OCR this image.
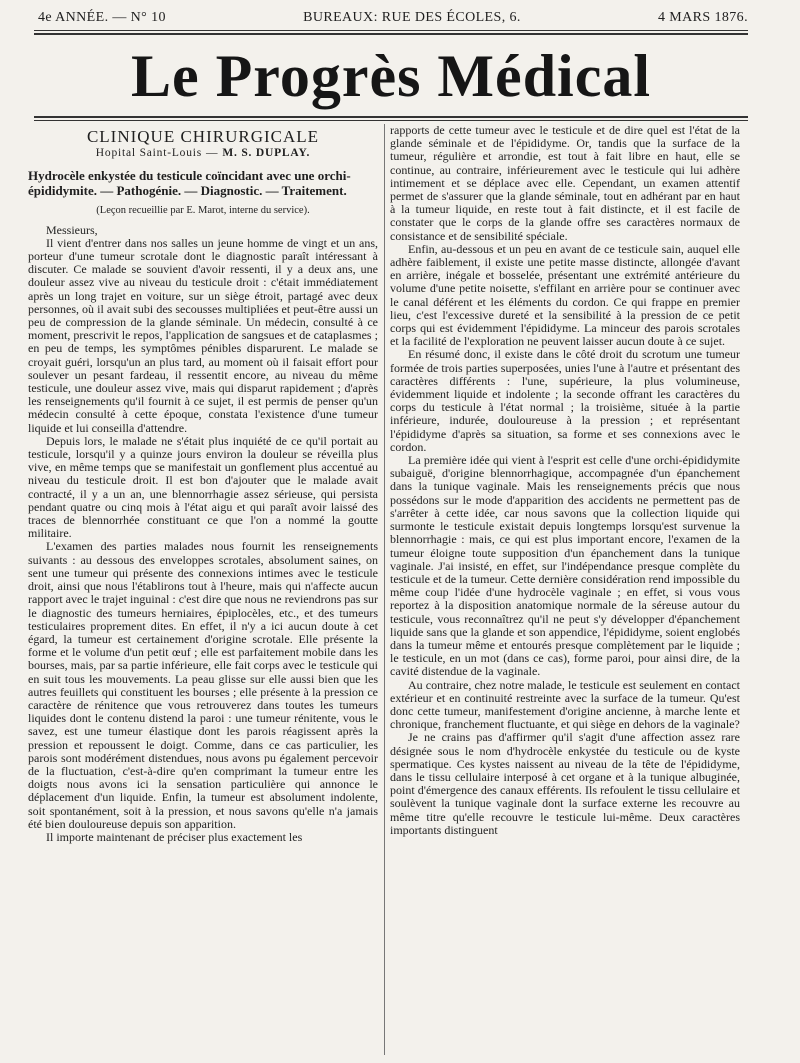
4e ANNÉE. — N° 10	BUREAUX: RUE DES ÉCOLES, 6.	4 MARS 1876.
Le Progrès Médical
CLINIQUE CHIRURGICALE
Hopital Saint-Louis — M. S. DUPLAY.
Hydrocèle enkystée du testicule coïncidant avec une orchi-épididymite. — Pathogénie. — Diagnostic. — Traitement.
(Leçon recueillie par E. Marot, interne du service).

Messieurs,

Il vient d'entrer dans nos salles un jeune homme de vingt et un ans, porteur d'une tumeur scrotale dont le diagnostic paraît intéressant à discuter. Ce malade se souvient d'avoir ressenti, il y a deux ans, une douleur assez vive au niveau du testicule droit : c'était immédiatement après un long trajet en voiture, sur un siège étroit, partagé avec deux personnes, où il avait subi des secousses multipliées et peut-être aussi un peu de compression de la glande séminale. Un médecin, consulté à ce moment, prescrivit le repos, l'application de sangsues et de cataplasmes ; en peu de temps, les symptômes pénibles disparurent. Le malade se croyait guéri, lorsqu'un an plus tard, au moment où il faisait effort pour soulever un pesant fardeau, il ressentit encore, au niveau du même testicule, une douleur assez vive, mais qui disparut rapidement ; d'après les renseignements qu'il fournit à ce sujet, il est permis de penser qu'un médecin consulté à cette époque, constata l'existence d'une tumeur liquide et lui conseilla d'attendre.

Depuis lors, le malade ne s'était plus inquiété de ce qu'il portait au testicule, lorsqu'il y a quinze jours environ la douleur se réveilla plus vive, en même temps que se manifestait un gonflement plus accentué au niveau du testicule droit. Il est bon d'ajouter que le malade avait contracté, il y a un an, une blennorrhagie assez sérieuse, qui persista pendant quatre ou cinq mois à l'état aigu et qui paraît avoir laissé des traces de blennorrhée constituant ce que l'on a nommé la goutte militaire.

L'examen des parties malades nous fournit les renseignements suivants : au dessous des enveloppes scrotales, absolument saines, on sent une tumeur qui présente des connexions intimes avec le testicule droit, ainsi que nous l'établirons tout à l'heure, mais qui n'affecte aucun rapport avec le trajet inguinal : c'est dire que nous ne reviendrons pas sur le diagnostic des tumeurs herniaires, épiplocèles, etc., et des tumeurs testiculaires proprement dites. En effet, il n'y a ici aucun doute à cet égard, la tumeur est certainement d'origine scrotale. Elle présente la forme et le volume d'un petit œuf ; elle est parfaitement mobile dans les bourses, mais, par sa partie inférieure, elle fait corps avec le testicule qui en suit tous les mouvements. La peau glisse sur elle aussi bien que les autres feuillets qui constituent les bourses ; elle présente à la pression ce caractère de rénitence que vous retrouverez dans toutes les tumeurs liquides dont le contenu distend la paroi : une tumeur rénitente, vous le savez, est une tumeur élastique dont les parois réagissent après la pression et repoussent le doigt. Comme, dans ce cas particulier, les parois sont modérément distendues, nous avons pu également percevoir de la fluctuation, c'est-à-dire qu'en comprimant la tumeur entre les doigts nous avons ici la sensation particulière qui annonce le déplacement d'un liquide. Enfin, la tumeur est absolument indolente, soit spontanément, soit à la pression, et nous savons qu'elle n'a jamais été bien douloureuse depuis son apparition.

Il importe maintenant de préciser plus exactement les

rapports de cette tumeur avec le testicule et de dire quel est l'état de la glande séminale et de l'épididyme. Or, tandis que la surface de la tumeur, régulière et arrondie, est tout à fait libre en haut, elle se continue, au contraire, inférieurement avec le testicule qui lui adhère intimement et se déplace avec elle. Cependant, un examen attentif permet de s'assurer que la glande séminale, tout en adhérant par en haut à la tumeur liquide, en reste tout à fait distincte, et il est facile de constater que le corps de la glande offre ses caractères normaux de consistance et de sensibilité spéciale.

Enfin, au-dessous et un peu en avant de ce testicule sain, auquel elle adhère faiblement, il existe une petite masse distincte, allongée d'avant en arrière, inégale et bosselée, présentant une extrémité antérieure du volume d'une petite noisette, s'effilant en arrière pour se continuer avec le canal déférent et les éléments du cordon. Ce qui frappe en premier lieu, c'est l'excessive dureté et la sensibilité à la pression de ce petit corps qui est évidemment l'épididyme. La minceur des parois scrotales et la facilité de l'exploration ne peuvent laisser aucun doute à ce sujet.

En résumé donc, il existe dans le côté droit du scrotum une tumeur formée de trois parties superposées, unies l'une à l'autre et présentant des caractères différents : l'une, supérieure, la plus volumineuse, évidemment liquide et indolente ; la seconde offrant les caractères du corps du testicule à l'état normal ; la troisième, située à la partie inférieure, indurée, douloureuse à la pression ; et représentant l'épididyme d'après sa situation, sa forme et ses connexions avec le cordon.

La première idée qui vient à l'esprit est celle d'une orchi-épididymite subaiguë, d'origine blennorrhagique, accompagnée d'un épanchement dans la tunique vaginale. Mais les renseignements précis que nous possédons sur le mode d'apparition des accidents ne permettent pas de s'arrêter à cette idée, car nous savons que la collection liquide qui surmonte le testicule existait depuis longtemps lorsqu'est survenue la blennorrhagie : mais, ce qui est plus important encore, l'examen de la tumeur éloigne toute supposition d'un épanchement dans la tunique vaginale. J'ai insisté, en effet, sur l'indépendance presque complète du testicule et de la tumeur. Cette dernière considération rend impossible du même coup l'idée d'une hydrocèle vaginale ; en effet, si vous vous reportez à la disposition anatomique normale de la séreuse autour du testicule, vous reconnaîtrez qu'il ne peut s'y développer d'épanchement liquide sans que la glande et son appendice, l'épididyme, soient englobés dans la tumeur même et entourés presque complètement par le liquide ; le testicule, en un mot (dans ce cas), forme paroi, pour ainsi dire, de la cavité distendue de la vaginale.

Au contraire, chez notre malade, le testicule est seulement en contact extérieur et en continuité restreinte avec la surface de la tumeur. Qu'est donc cette tumeur, manifestement d'origine ancienne, à marche lente et chronique, franchement fluctuante, et qui siège en dehors de la vaginale?

Je ne crains pas d'affirmer qu'il s'agit d'une affection assez rare désignée sous le nom d'hydrocèle enkystée du testicule ou de kyste spermatique. Ces kystes naissent au niveau de la tête de l'épididyme, dans le tissu cellulaire interposé à cet organe et à la tunique albuginée, point d'émergence des canaux efférents. Ils refoulent le tissu cellulaire et soulèvent la tunique vaginale dont la surface externe les recouvre au même titre qu'elle recouvre le testicule lui-même. Deux caractères importants distinguent
